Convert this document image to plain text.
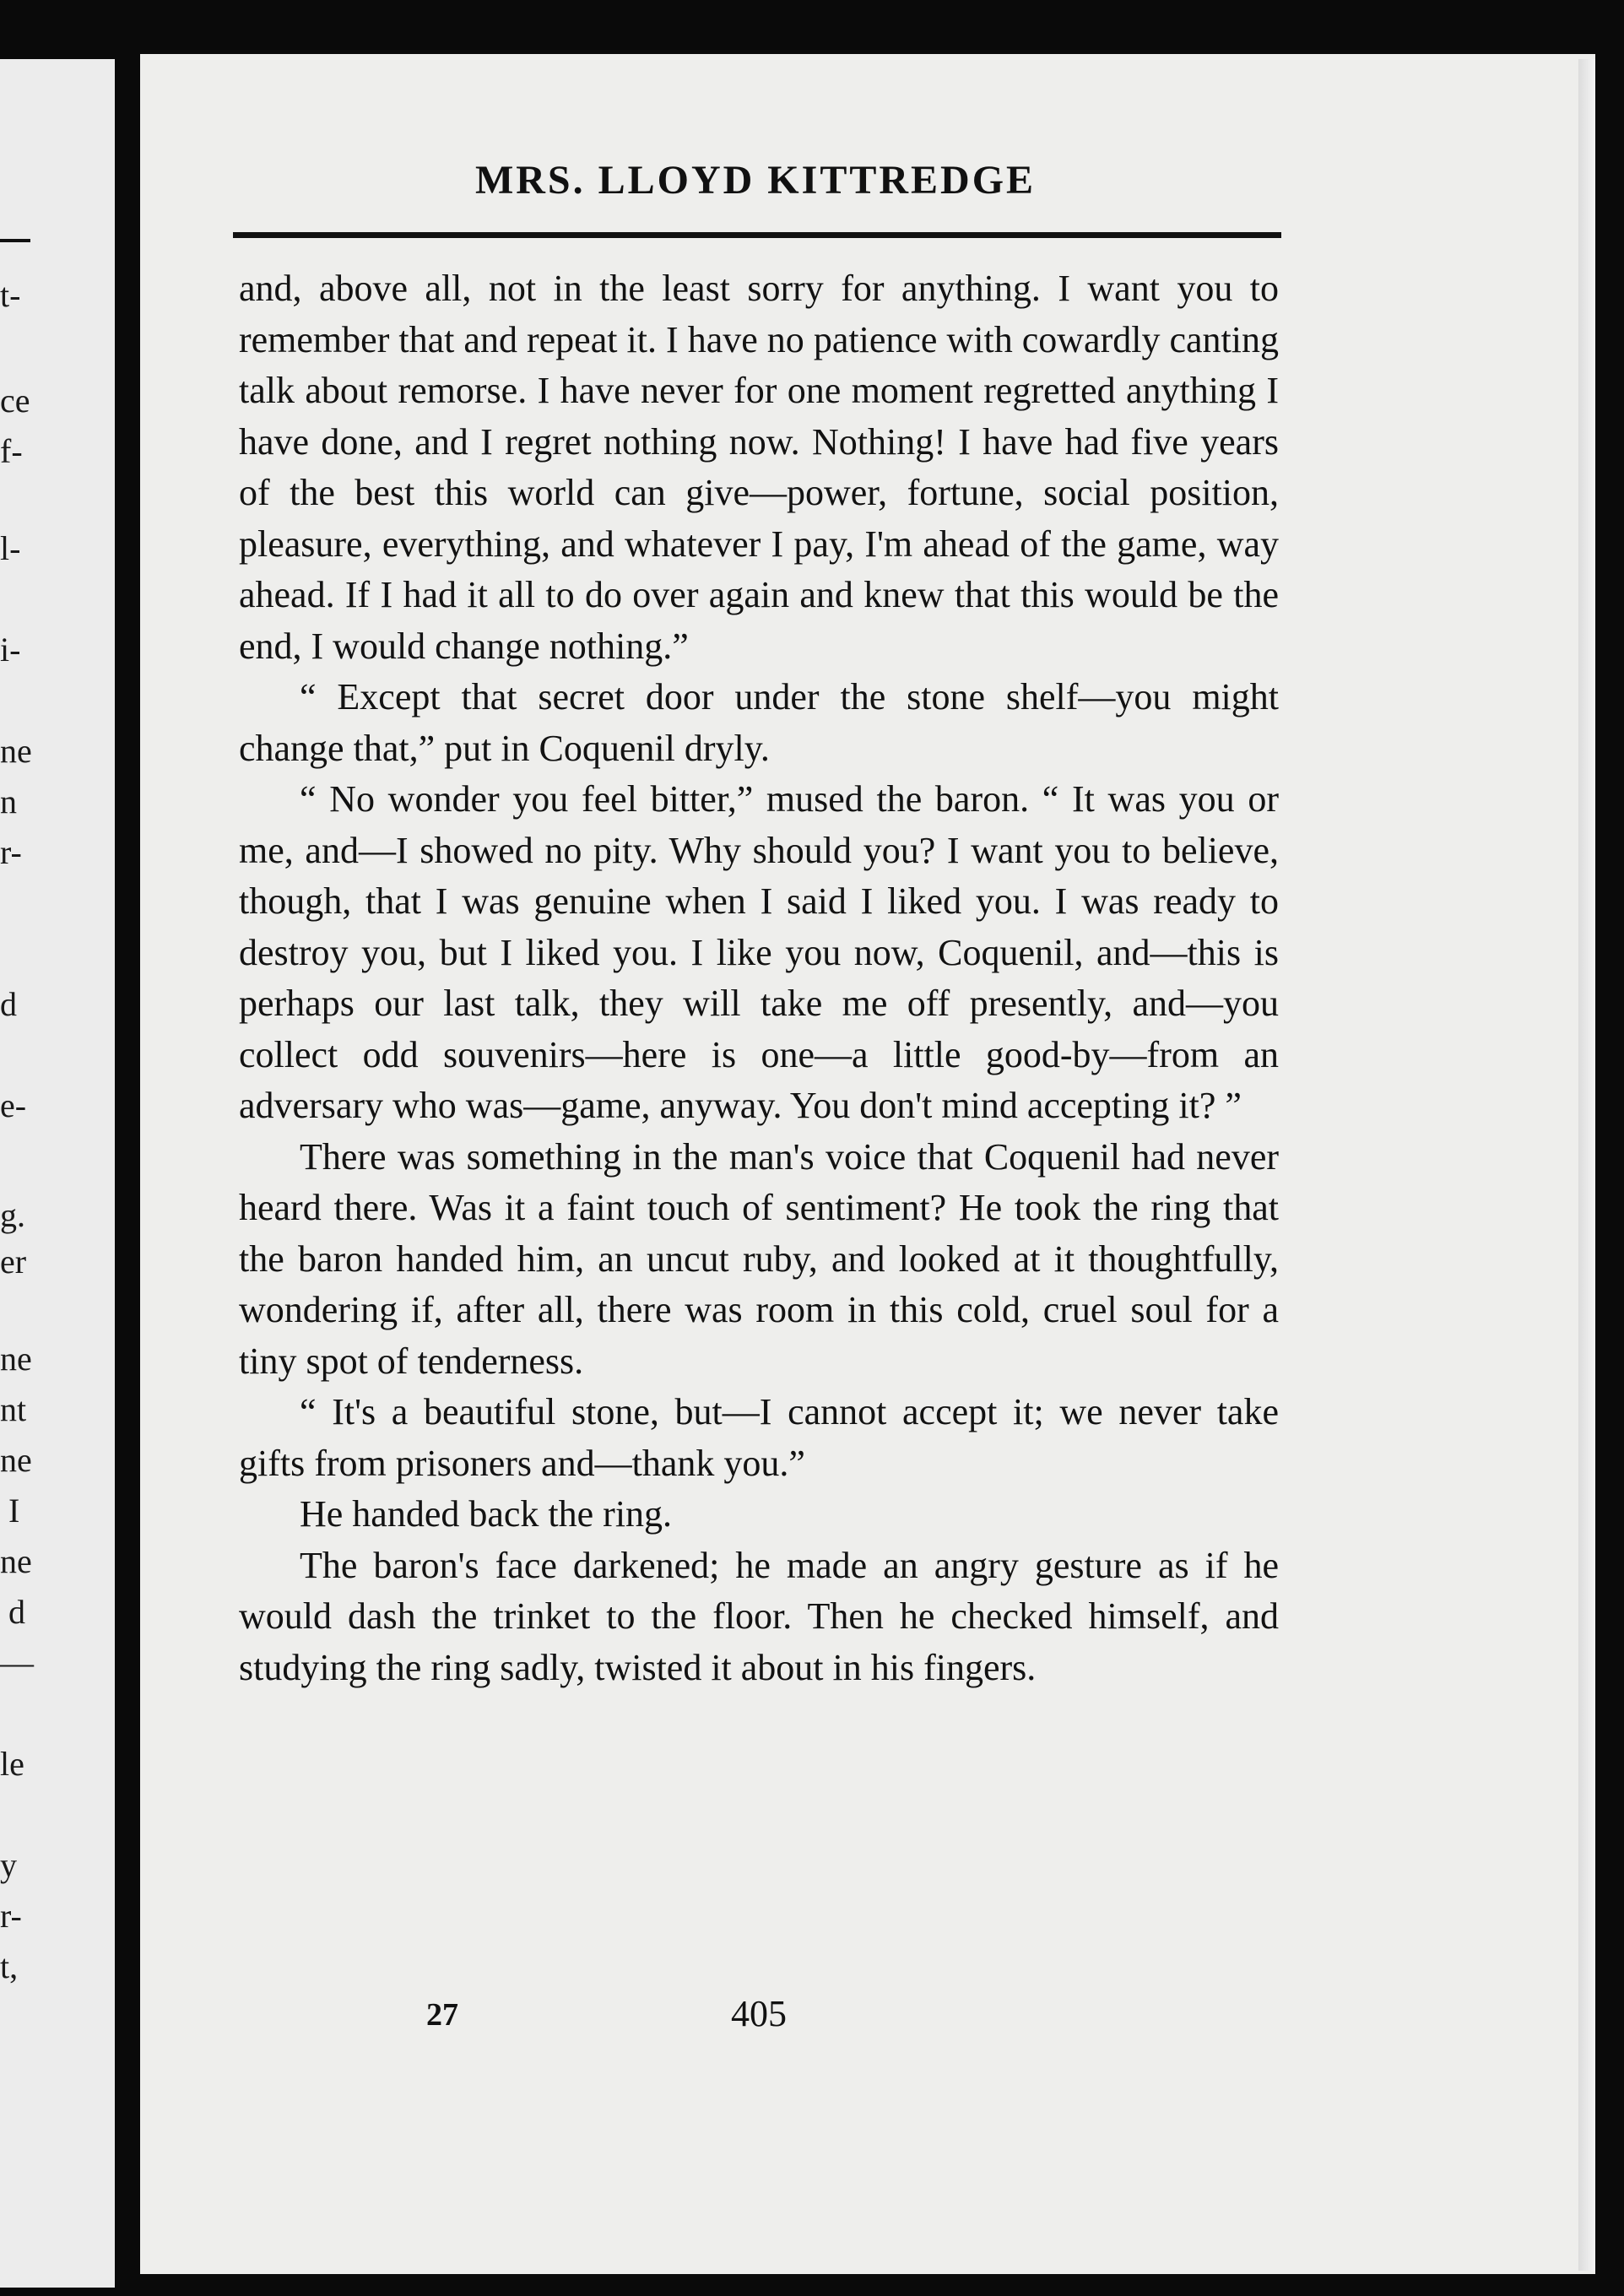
t-
ce
f-
l-
i-
ne
n
r-
d
e-
g.
er
ne
nt
ne
I
ne
d
—
le
y
r-
t,
MRS. LLOYD KITTREDGE

and, above all, not in the least sorry for anything. I want you to remember that and repeat it. I have no patience with cowardly canting talk about remorse. I have never for one moment regretted anything I have done, and I regret nothing now. Nothing! I have had five years of the best this world can give—power, fortune, social position, pleasure, everything, and whatever I pay, I'm ahead of the game, way ahead. If I had it all to do over again and knew that this would be the end, I would change nothing.”

“ Except that secret door under the stone shelf—you might change that,” put in Coquenil dryly.

“ No wonder you feel bitter,” mused the baron. “ It was you or me, and—I showed no pity. Why should you? I want you to believe, though, that I was genuine when I said I liked you. I was ready to destroy you, but I liked you. I like you now, Coquenil, and—this is perhaps our last talk, they will take me off presently, and—you collect odd souvenirs—here is one—a little good-by—from an adversary who was—game, anyway. You don't mind accepting it? ”

There was something in the man's voice that Coquenil had never heard there. Was it a faint touch of sentiment? He took the ring that the baron handed him, an uncut ruby, and looked at it thoughtfully, wondering if, after all, there was room in this cold, cruel soul for a tiny spot of tenderness.

“ It's a beautiful stone, but—I cannot accept it; we never take gifts from prisoners and—thank you.”

He handed back the ring.

The baron's face darkened; he made an angry gesture as if he would dash the trinket to the floor. Then he checked himself, and studying the ring sadly, twisted it about in his fingers.

27	405
